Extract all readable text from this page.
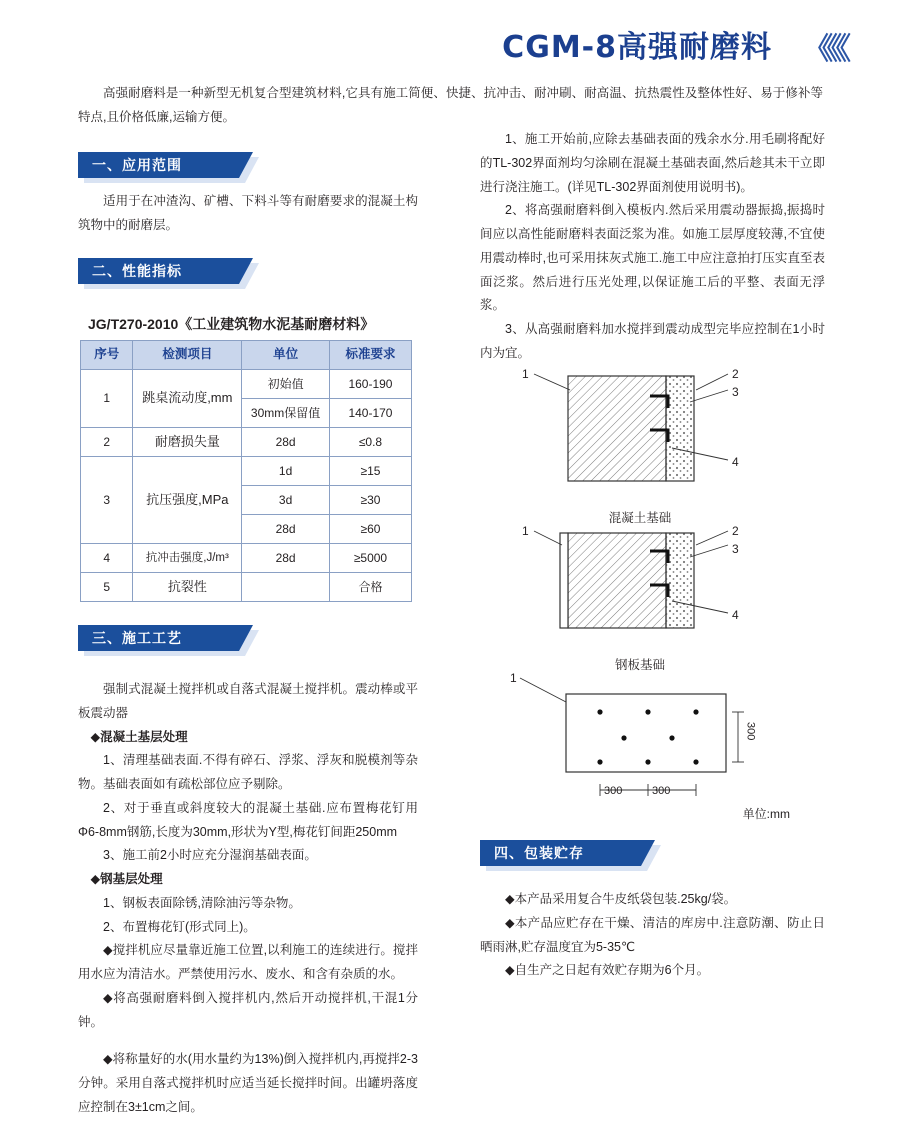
CGM-8高强耐磨料 《《《
高强耐磨料是一种新型无机复合型建筑材料,它具有施工简便、快捷、抗冲击、耐冲刷、耐高温、抗热震性及整体性好、易于修补等特点,且价格低廉,运输方便。
一、应用范围
适用于在冲渣沟、矿槽、下料斗等有耐磨要求的混凝土构筑物中的耐磨层。
二、性能指标
JG/T270-2010《工业建筑物水泥基耐磨材料》
序号	检测项目	单位	标准要求
1	跳桌流动度,mm	初始值	160-190
		30mm保留值	140-170
2	耐磨损失量	28d	≤0.8
3	抗压强度,MPa	1d	≥15
		3d	≥30
		28d	≥60
4	抗冲击强度,J/m³	28d	≥5000
5	抗裂性		合格
三、施工工艺
强制式混凝土搅拌机或自落式混凝土搅拌机。震动棒或平板震动器
◆混凝土基层处理
1、清理基础表面.不得有碎石、浮浆、浮灰和脱模剂等杂物。基础表面如有疏松部位应予剔除。
2、对于垂直或斜度较大的混凝土基础.应布置梅花钉用Φ6-8mm钢筋,长度为30mm,形状为Y型,梅花钉间距250mm
3、施工前2小时应充分湿润基础表面。
◆钢基层处理
1、钢板表面除锈,清除油污等杂物。
2、布置梅花钉(形式同上)。
◆搅拌机应尽量靠近施工位置,以利施工的连续进行。搅拌用水应为清洁水。严禁使用污水、废水、和含有杂质的水。
◆将高强耐磨料倒入搅拌机内,然后开动搅拌机,干混1分钟。
◆将称量好的水(用水量约为13%)倒入搅拌机内,再搅拌2-3分钟。采用自落式搅拌机时应适当延长搅拌时间。出罐坍落度应控制在3±1cm之间。
1、施工开始前,应除去基础表面的残余水分.用毛刷将配好的TL-302界面剂均匀涂刷在混凝土基础表面,然后趁其未干立即进行浇注施工。(详见TL-302界面剂使用说明书)。
2、将高强耐磨料倒入模板内.然后采用震动器振捣,振捣时间应以高性能耐磨料表面泛浆为准。如施工层厚度较薄,不宜使用震动棒时,也可采用抹灰式施工.施工中应注意拍打压实直至表面泛浆。然后进行压光处理,以保证施工后的平整、表面无浮浆。
3、从高强耐磨料加水搅拌到震动成型完毕应控制在1小时内为宜。
1	2
3
4
混凝土基础
1	2
3
4
钢板基础
1
300
300	300
单位:mm
四、包装贮存
◆本产品采用复合牛皮纸袋包装.25kg/袋。
◆本产品应贮存在干燥、清洁的库房中.注意防潮、防止日晒雨淋,贮存温度宜为5-35℃
◆自生产之日起有效贮存期为6个月。
